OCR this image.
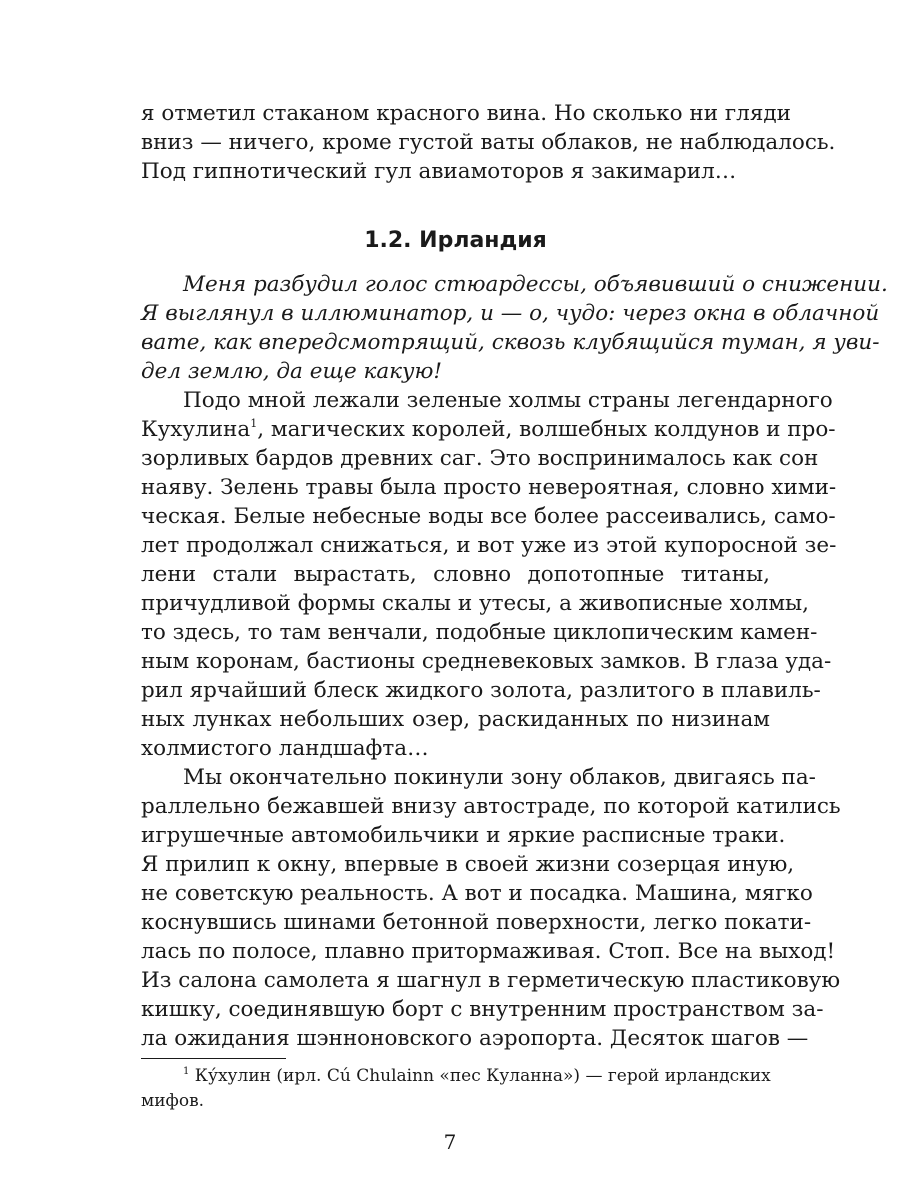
я отметил стаканом красного вина. Но сколько ни гляди
вниз — ничего, кроме густой ваты облаков, не наблюдалось.
Под гипнотический гул авиамоторов я закимарил…
1.2. Ирландия
Меня разбудил голос стюардессы, объявивший о снижении.
Я выглянул в иллюминатор, и — о, чудо: через окна в облачной
вате, как впередсмотрящий, сквозь клубящийся туман, я уви-
дел землю, да еще какую!
Подо мной лежали зеленые холмы страны легендарного
Кухулина$^1$, магических королей, волшебных колдунов и про-
зорливых бардов древних саг. Это воспринималось как сон
наяву. Зелень травы была просто невероятная, словно хими-
ческая. Белые небесные воды все более рассеивались, само-
лет продолжал снижаться, и вот уже из этой купоросной зе-
лени стали вырастать, словно допотопные титаны,
причудливой формы скалы и утесы, а живописные холмы,
то здесь, то там венчали, подобные циклопическим камен-
ным коронам, бастионы средневековых замков. В глаза уда-
рил ярчайший блеск жидкого золота, разлитого в плавиль-
ных лунках небольших озер, раскиданных по низинам
холмистого ландшафта…
Мы окончательно покинули зону облаков, двигаясь па-
раллельно бежавшей внизу автостраде, по которой катились
игрушечные автомобильчики и яркие расписные траки.
Я прилип к окну, впервые в своей жизни созерцая иную,
не советскую реальность. А вот и посадка. Машина, мягко
коснувшись шинами бетонной поверхности, легко покати-
лась по полосе, плавно притормаживая. Стоп. Все на выход!
Из салона самолета я шагнул в герметическую пластиковую
кишку, соединявшую борт с внутренним пространством за-
ла ожидания шэнноновского аэропорта. Десяток шагов —
$^1$ Ку́хулин (ирл. Cú Chulainn «пес Куланна») — герой ирландских
мифов.
7
